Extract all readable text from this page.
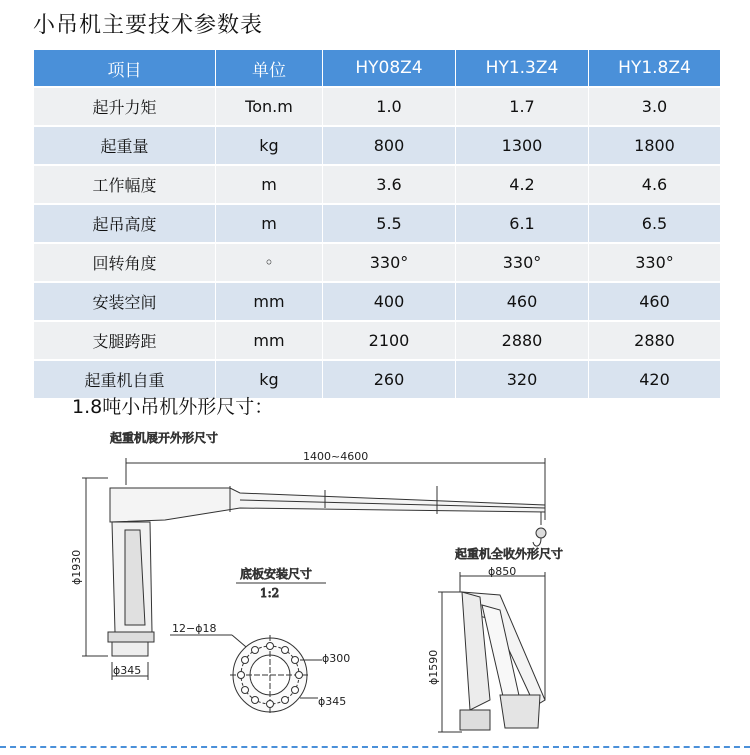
小吊机主要技术参数表
项目	单位	HY08Z4	HY1.3Z4	HY1.8Z4
起升力矩	Ton.m	1.0	1.7	3.0
起重量	kg	800	1300	1800
工作幅度	m	3.6	4.2	4.6
起吊高度	m	5.5	6.1	6.5
回转角度	◦	330°	330°	330°
安装空间	mm	400	460	460
支腿跨距	mm	2100	2880	2880
起重机自重	kg	260	320	420
1.8吨小吊机外形尺寸：
起重机展开外形尺寸
1400~4600
ϕ1930
ϕ345
底板安装尺寸
1:2
12−ϕ18
ϕ300
ϕ345
起重机全收外形尺寸
ϕ850
ϕ1590
